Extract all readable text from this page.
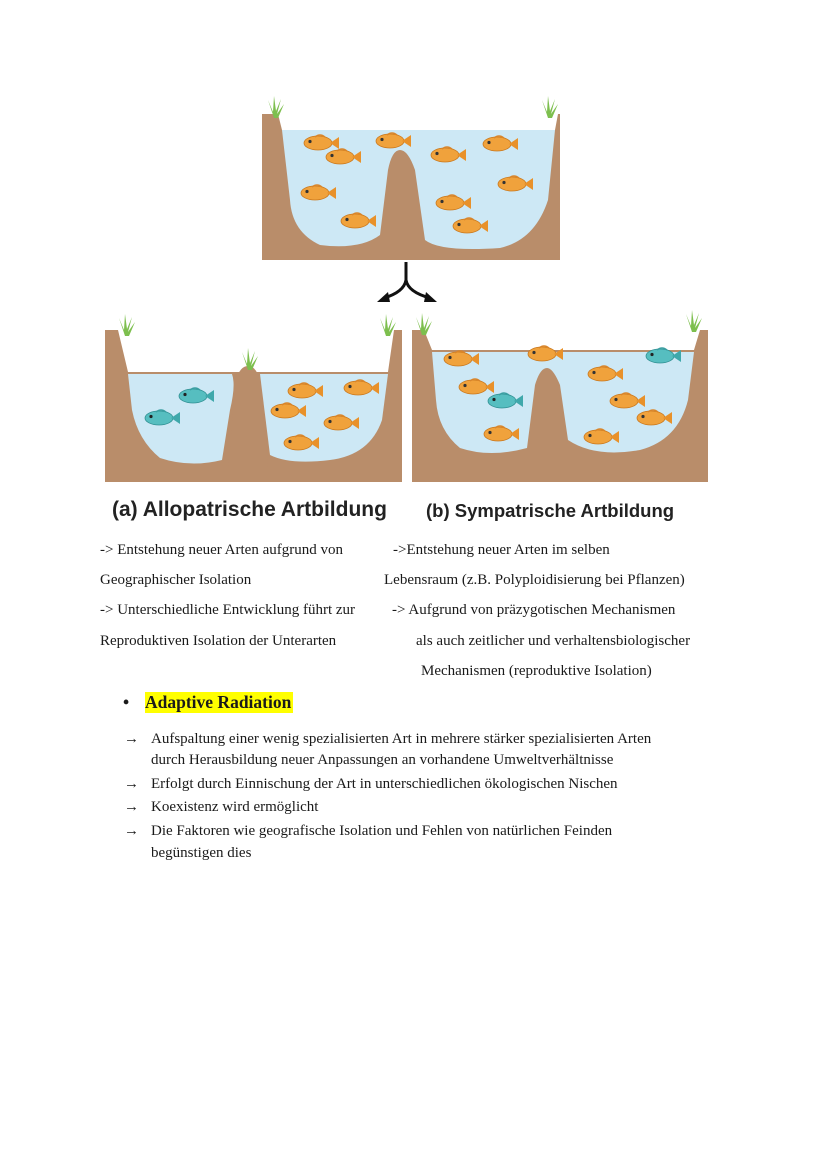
(a) Allopatrische Artbildung (b) Sympatrische Artbildung
-> Entstehung neuer Arten aufgrund von
Geographischer Isolation
-> Unterschiedliche Entwicklung führt zur
Reproduktiven Isolation der Unterarten
->Entstehung neuer Arten im selben
Lebensraum (z.B. Polyploidisierung bei Pflanzen)
-> Aufgrund von präzygotischen Mechanismen
als auch zeitlicher und verhaltensbiologischer
Mechanismen (reproduktive Isolation)
• Adaptive Radiation
→ Aufspaltung einer wenig spezialisierten Art in mehrere stärker spezialisierten Arten
durch Herausbildung neuer Anpassungen an vorhandene Umweltverhältnisse
→ Erfolgt durch Einnischung der Art in unterschiedlichen ökologischen Nischen
→ Koexistenz wird ermöglicht
→ Die Faktoren wie geografische Isolation und Fehlen von natürlichen Feinden
begünstigen dies
